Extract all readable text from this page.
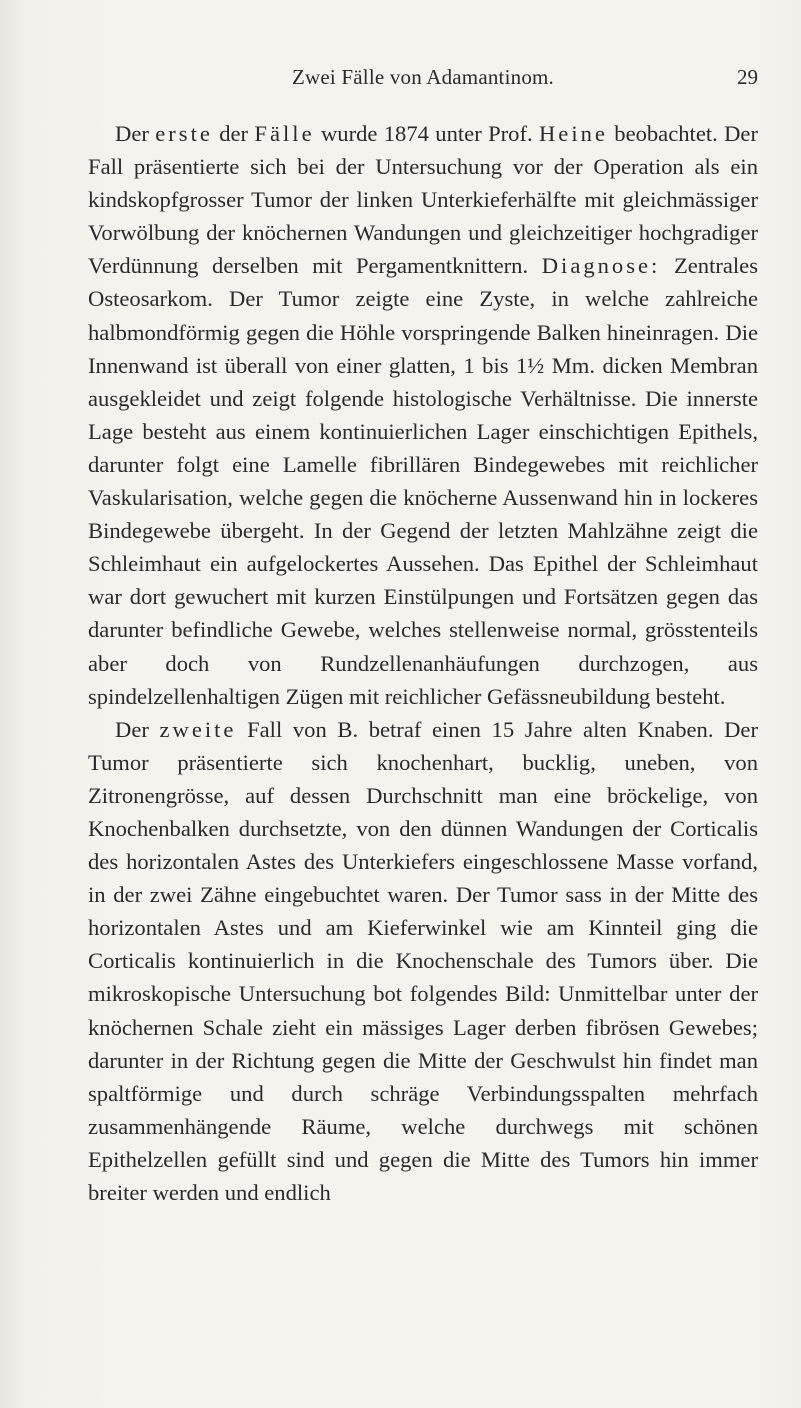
Zwei Fälle von Adamantinom.	29

Der erste der Fälle wurde 1874 unter Prof. Heine beobachtet. Der Fall präsentierte sich bei der Untersuchung vor der Operation als ein kindskopfgrosser Tumor der linken Unterkieferhälfte mit gleichmässiger Vorwölbung der knöchernen Wandungen und gleichzeitiger hochgradiger Verdünnung derselben mit Pergamentknittern. Diagnose: Zentrales Osteosarkom. Der Tumor zeigte eine Zyste, in welche zahlreiche halbmondförmig gegen die Höhle vorspringende Balken hineinragen. Die Innenwand ist überall von einer glatten, 1 bis 1½ Mm. dicken Membran ausgekleidet und zeigt folgende histologische Verhältnisse. Die innerste Lage besteht aus einem kontinuierlichen Lager einschichtigen Epithels, darunter folgt eine Lamelle fibrillären Bindegewebes mit reichlicher Vaskularisation, welche gegen die knöcherne Aussenwand hin in lockeres Bindegewebe übergeht. In der Gegend der letzten Mahlzähne zeigt die Schleimhaut ein aufgelockertes Aussehen. Das Epithel der Schleimhaut war dort gewuchert mit kurzen Einstülpungen und Fortsätzen gegen das darunter befindliche Gewebe, welches stellenweise normal, grösstenteils aber doch von Rundzellenanhäufungen durchzogen, aus spindelzellenhaltigen Zügen mit reichlicher Gefässneubildung besteht.

Der zweite Fall von B. betraf einen 15 Jahre alten Knaben. Der Tumor präsentierte sich knochenhart, bucklig, uneben, von Zitronengrösse, auf dessen Durchschnitt man eine bröckelige, von Knochenbalken durchsetzte, von den dünnen Wandungen der Corticalis des horizontalen Astes des Unterkiefers eingeschlossene Masse vorfand, in der zwei Zähne eingebuchtet waren. Der Tumor sass in der Mitte des horizontalen Astes und am Kieferwinkel wie am Kinnteil ging die Corticalis kontinuierlich in die Knochenschale des Tumors über. Die mikroskopische Untersuchung bot folgendes Bild: Unmittelbar unter der knöchernen Schale zieht ein mässiges Lager derben fibrösen Gewebes; darunter in der Richtung gegen die Mitte der Geschwulst hin findet man spaltförmige und durch schräge Verbindungsspalten mehrfach zusammenhängende Räume, welche durchwegs mit schönen Epithelzellen gefüllt sind und gegen die Mitte des Tumors hin immer breiter werden und endlich
